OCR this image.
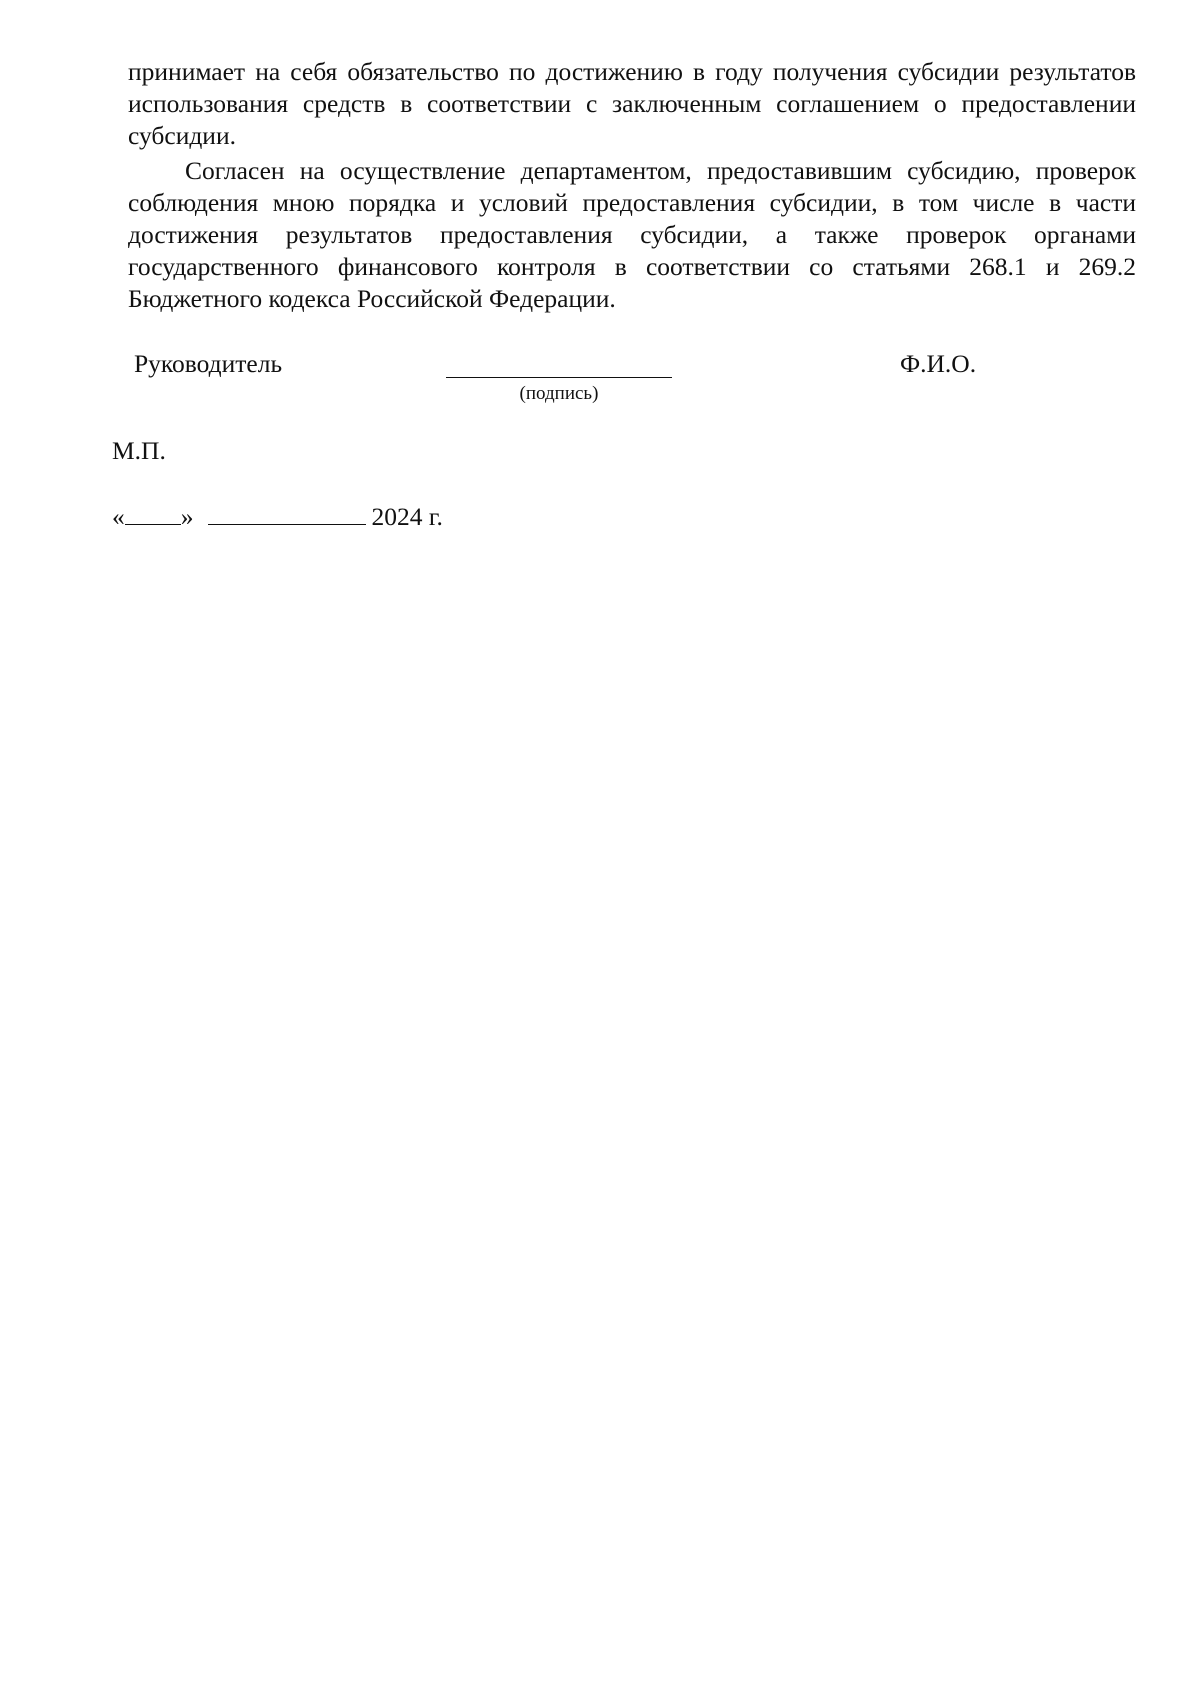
принимает на себя обязательство по достижению в году получения субсидии результатов использования средств в соответствии с заключенным соглашением о предоставлении субсидии.

Согласен на осуществление департаментом, предоставившим субсидию, проверок соблюдения мною порядка и условий предоставления субсидии, в том числе в части достижения результатов предоставления субсидии, а также проверок органами государственного финансового контроля в соответствии со статьями 268.1 и 269.2 Бюджетного кодекса Российской Федерации.

Руководитель
(подпись)
Ф.И.О.
М.П.
« »	2024 г.
